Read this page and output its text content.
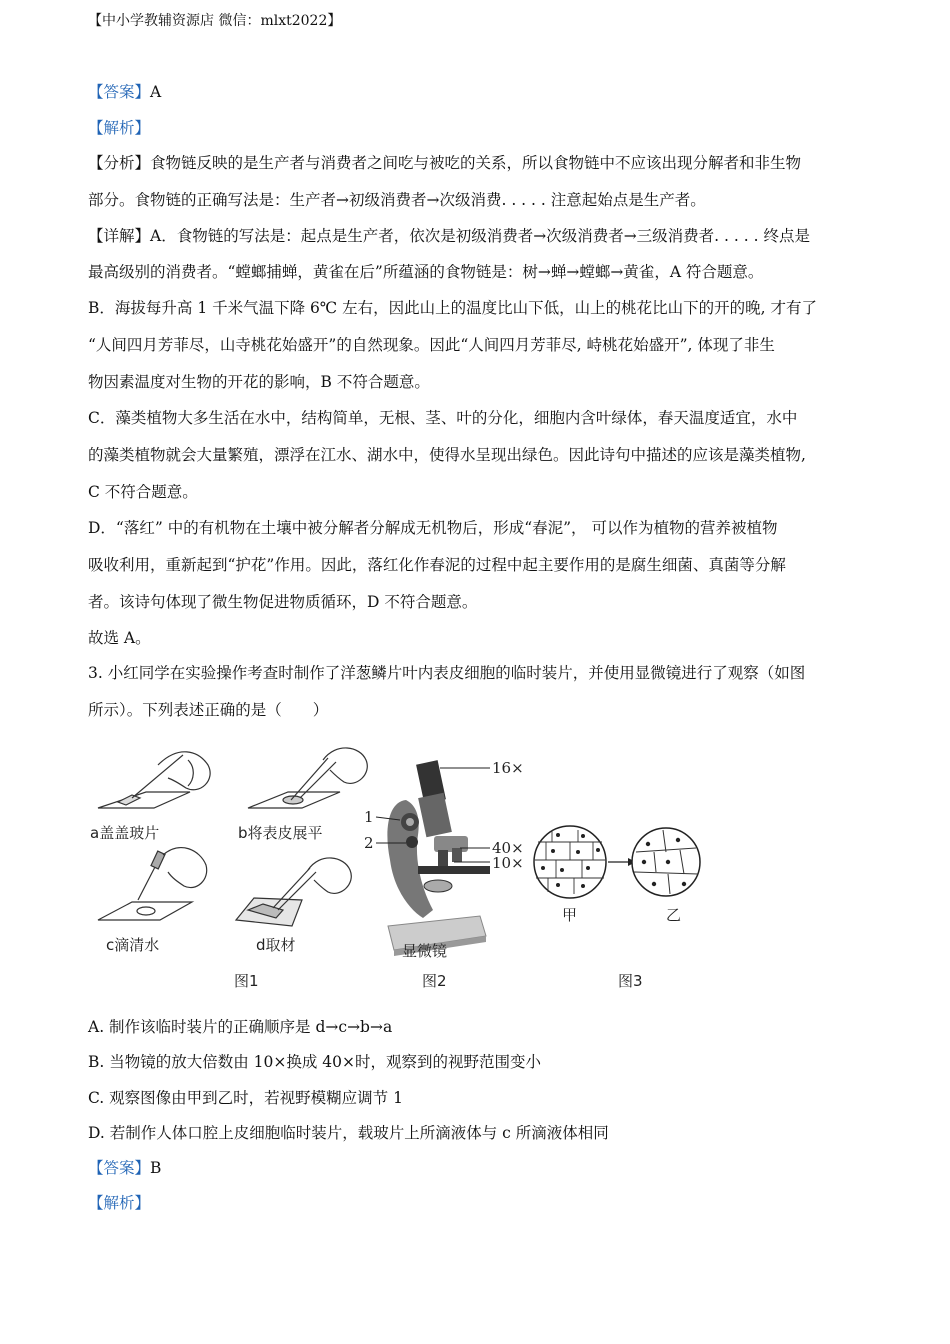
【中小学教辅资源店 微信：mlxt2022】
【答案】A
【解析】
【分析】食物链反映的是生产者与消费者之间吃与被吃的关系，所以食物链中不应该出现分解者和非生物
部分。食物链的正确写法是：生产者→初级消费者→次级消费. . . . . 注意起始点是生产者。
【详解】A．食物链的写法是：起点是生产者，依次是初级消费者→次级消费者→三级消费者. . . . . 终点是
最高级别的消费者。“螳螂捕蝉，黄雀在后”所蕴涵的食物链是：树→蝉→螳螂→黄雀，A 符合题意。
B．海拔每升高 1 千米气温下降 6℃ 左右，因此山上的温度比山下低，山上的桃花比山下的开的晚, 才有了
“人间四月芳菲尽，山寺桃花始盛开”的自然现象。因此“人间四月芳菲尽, 峙桃花始盛开”, 体现了非生
物因素温度对生物的开花的影响，B 不符合题意。
C．藻类植物大多生活在水中，结构简单，无根、茎、叶的分化，细胞内含叶绿体，春天温度适宜，水中
的藻类植物就会大量繁殖，漂浮在江水、湖水中，使得水呈现出绿色。因此诗句中描述的应该是藻类植物,
C 不符合题意。
D．“落红” 中的有机物在土壤中被分解者分解成无机物后，形成“春泥”， 可以作为植物的营养被植物
吸收利用，重新起到“护花”作用。因此，落红化作春泥的过程中起主要作用的是腐生细菌、真菌等分解
者。该诗句体现了微生物促进物质循环，D 不符合题意。
故选 A。
3. 小红同学在实验操作考查时制作了洋葱鳞片叶内表皮细胞的临时装片，并使用显微镜进行了观察（如图
所示）。下列表述正确的是（　　）
a盖盖玻片	b将表皮展平
c滴清水	d取材
图1
16×
1
2	40×
10×
显微镜
图2
甲	乙
图3
A. 制作该临时装片的正确顺序是 d→c→b→a
B. 当物镜的放大倍数由 10×换成 40×时，观察到的视野范围变小
C. 观察图像由甲到乙时，若视野模糊应调节 1
D. 若制作人体口腔上皮细胞临时装片，载玻片上所滴液体与 c 所滴液体相同
【答案】B
【解析】
